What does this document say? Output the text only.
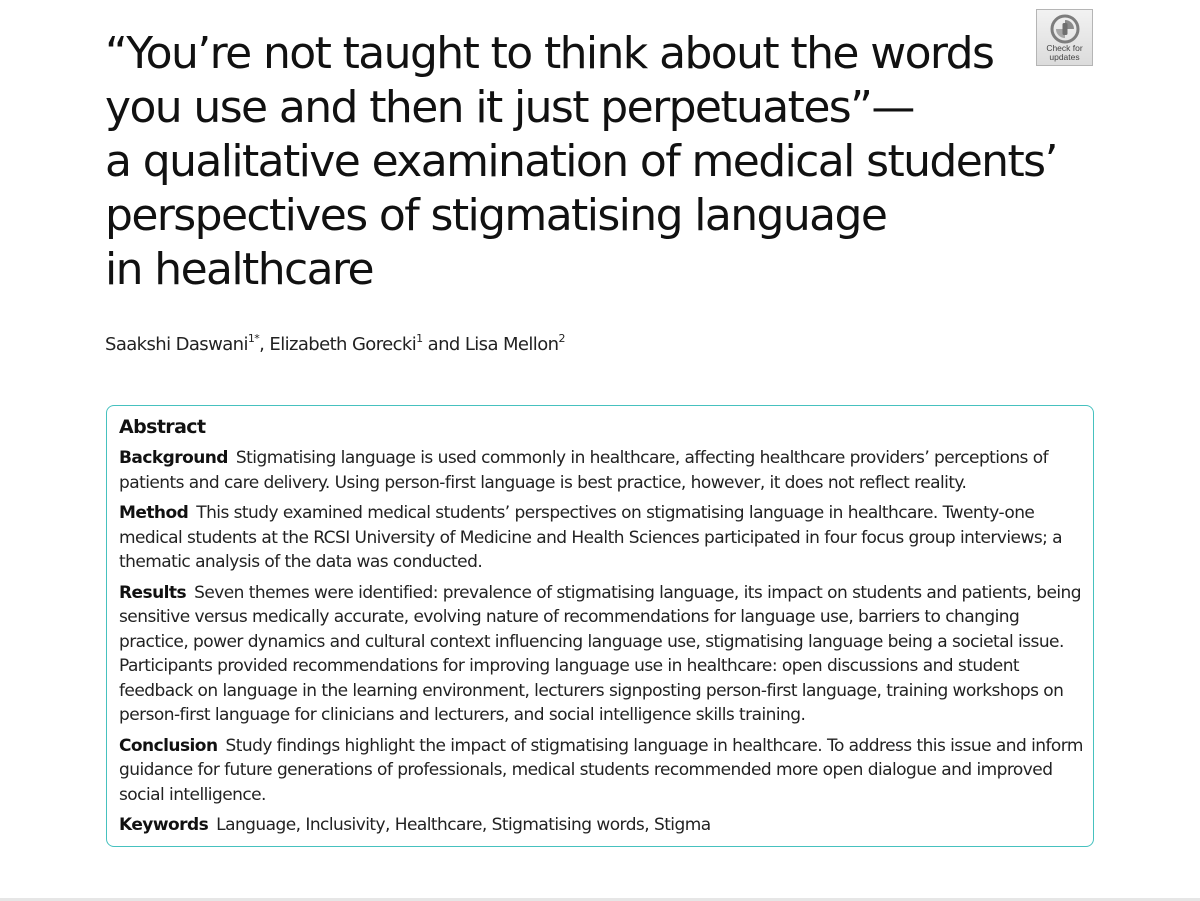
“You’re not taught to think about the words
you use and then it just perpetuates”—
a qualitative examination of medical students’
perspectives of stigmatising language
in healthcare
Check for
updates
Saakshi Daswani$^{1*}$, Elizabeth Gorecki$^1$ and Lisa Mellon$^2$
Abstract

Background Stigmatising language is used commonly in healthcare, affecting healthcare providers’ perceptions of patients and care delivery. Using person-first language is best practice, however, it does not reflect reality.

Method This study examined medical students’ perspectives on stigmatising language in healthcare. Twenty-one medical students at the RCSI University of Medicine and Health Sciences participated in four focus group interviews; a thematic analysis of the data was conducted.

Results Seven themes were identified: prevalence of stigmatising language, its impact on students and patients, being sensitive versus medically accurate, evolving nature of recommendations for language use, barriers to changing practice, power dynamics and cultural context influencing language use, stigmatising language being a societal issue. Participants provided recommendations for improving language use in healthcare: open discussions and student feedback on language in the learning environment, lecturers signposting person-first language, training workshops on person-first language for clinicians and lecturers, and social intelligence skills training.

Conclusion Study findings highlight the impact of stigmatising language in healthcare. To address this issue and inform guidance for future generations of professionals, medical students recommended more open dialogue and improved social intelligence.

Keywords Language, Inclusivity, Healthcare, Stigmatising words, Stigma
